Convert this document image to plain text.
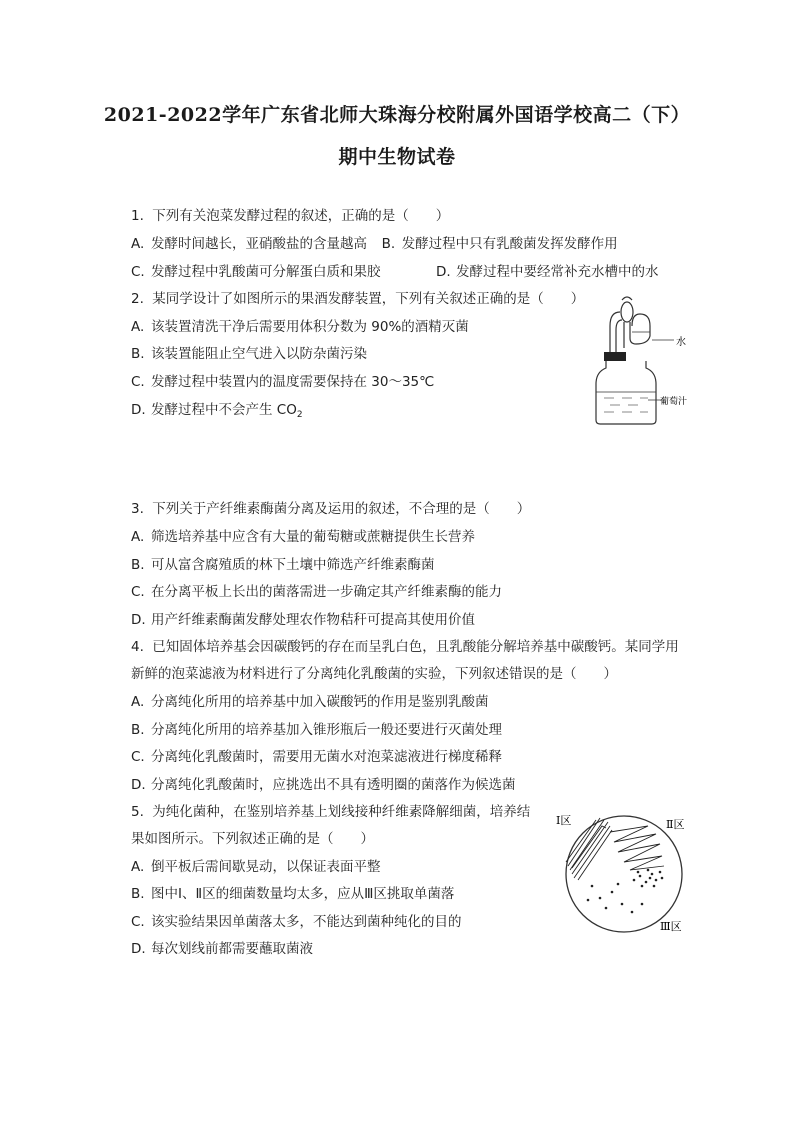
2021-2022学年广东省北师大珠海分校附属外国语学校高二（下）
期中生物试卷
1. 下列有关泡菜发酵过程的叙述，正确的是（　　）
A. 发酵时间越长，亚硝酸盐的含量越高 B. 发酵过程中只有乳酸菌发挥发酵作用
C. 发酵过程中乳酸菌可分解蛋白质和果胶	D. 发酵过程中要经常补充水槽中的水
2. 某同学设计了如图所示的果酒发酵装置，下列有关叙述正确的是（　　）
A. 该装置清洗干净后需要用体积分数为 90%的酒精灭菌
B. 该装置能阻止空气进入以防杂菌污染
C. 发酵过程中装置内的温度需要保持在 30～35℃
D. 发酵过程中不会产生 $CO_2$
水
葡萄汁
3. 下列关于产纤维素酶菌分离及运用的叙述，不合理的是（　　）
A. 筛选培养基中应含有大量的葡萄糖或蔗糖提供生长营养
B. 可从富含腐殖质的林下土壤中筛选产纤维素酶菌
C. 在分离平板上长出的菌落需进一步确定其产纤维素酶的能力
D. 用产纤维素酶菌发酵处理农作物秸秆可提高其使用价值
4. 已知固体培养基会因碳酸钙的存在而呈乳白色，且乳酸能分解培养基中碳酸钙。某同学用
新鲜的泡菜滤液为材料进行了分离纯化乳酸菌的实验，下列叙述错误的是（　　）
A. 分离纯化所用的培养基中加入碳酸钙的作用是鉴别乳酸菌
B. 分离纯化所用的培养基加入锥形瓶后一般还要进行灭菌处理
C. 分离纯化乳酸菌时，需要用无菌水对泡菜滤液进行梯度稀释
D. 分离纯化乳酸菌时，应挑选出不具有透明圈的菌落作为候选菌
5. 为纯化菌种，在鉴别培养基上划线接种纤维素降解细菌，培养结
果如图所示。下列叙述正确的是（　　）
A. 倒平板后需间歇晃动，以保证表面平整
B. 图中Ⅰ、Ⅱ区的细菌数量均太多，应从Ⅲ区挑取单菌落
C. 该实验结果因单菌落太多，不能达到菌种纯化的目的
D. 每次划线前都需要蘸取菌液
Ⅰ区	Ⅱ区
Ⅲ区
